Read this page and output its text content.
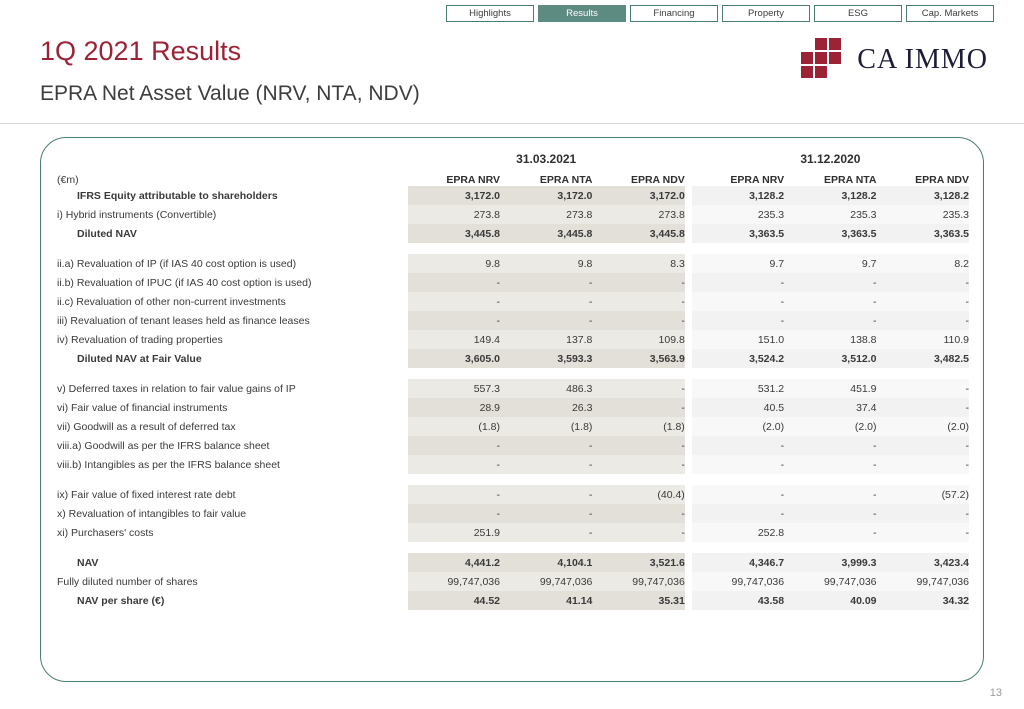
Highlights	Results	Financing	Property	ESG	Cap. Markets
1Q 2021 Results
EPRA Net Asset Value (NRV, NTA, NDV)
CA IMMO
	31.03.2021				31.12.2020		
(€m)	EPRA NRV	EPRA NTA	EPRA NDV		EPRA NRV	EPRA NTA	EPRA NDV
IFRS Equity attributable to shareholders	3,172.0	3,172.0	3,172.0		3,128.2	3,128.2	3,128.2
i) Hybrid instruments (Convertible)	273.8	273.8	273.8		235.3	235.3	235.3
Diluted NAV	3,445.8	3,445.8	3,445.8		3,363.5	3,363.5	3,363.5

ii.a) Revaluation of IP (if IAS 40 cost option is used)	9.8	9.8	8.3		9.7	9.7	8.2
ii.b) Revaluation of IPUC (if IAS 40 cost option is used)	-	-	-		-	-	-
ii.c) Revaluation of other non-current investments	-	-	-		-	-	-
iii) Revaluation of tenant leases held as finance leases	-	-	-		-	-	-
iv) Revaluation of trading properties	149.4	137.8	109.8		151.0	138.8	110.9
Diluted NAV at Fair Value	3,605.0	3,593.3	3,563.9		3,524.2	3,512.0	3,482.5

v) Deferred taxes in relation to fair value gains of IP	557.3	486.3	-		531.2	451.9	-
vi) Fair value of financial instruments	28.9	26.3	-		40.5	37.4	-
vii) Goodwill as a result of deferred tax	(1.8)	(1.8)	(1.8)		(2.0)	(2.0)	(2.0)
viii.a) Goodwill as per the IFRS balance sheet	-	-	-		-	-	-
viii.b) Intangibles as per the IFRS balance sheet	-	-	-		-	-	-

ix) Fair value of fixed interest rate debt	-	-	(40.4)		-	-	(57.2)
x) Revaluation of intangibles to fair value	-	-	-		-	-	-
xi) Purchasers' costs	251.9	-	-		252.8	-	-

NAV	4,441.2	4,104.1	3,521.6		4,346.7	3,999.3	3,423.4
Fully diluted number of shares	99,747,036	99,747,036	99,747,036		99,747,036	99,747,036	99,747,036
NAV per share (€)	44.52	41.14	35.31		43.58	40.09	34.32
13
